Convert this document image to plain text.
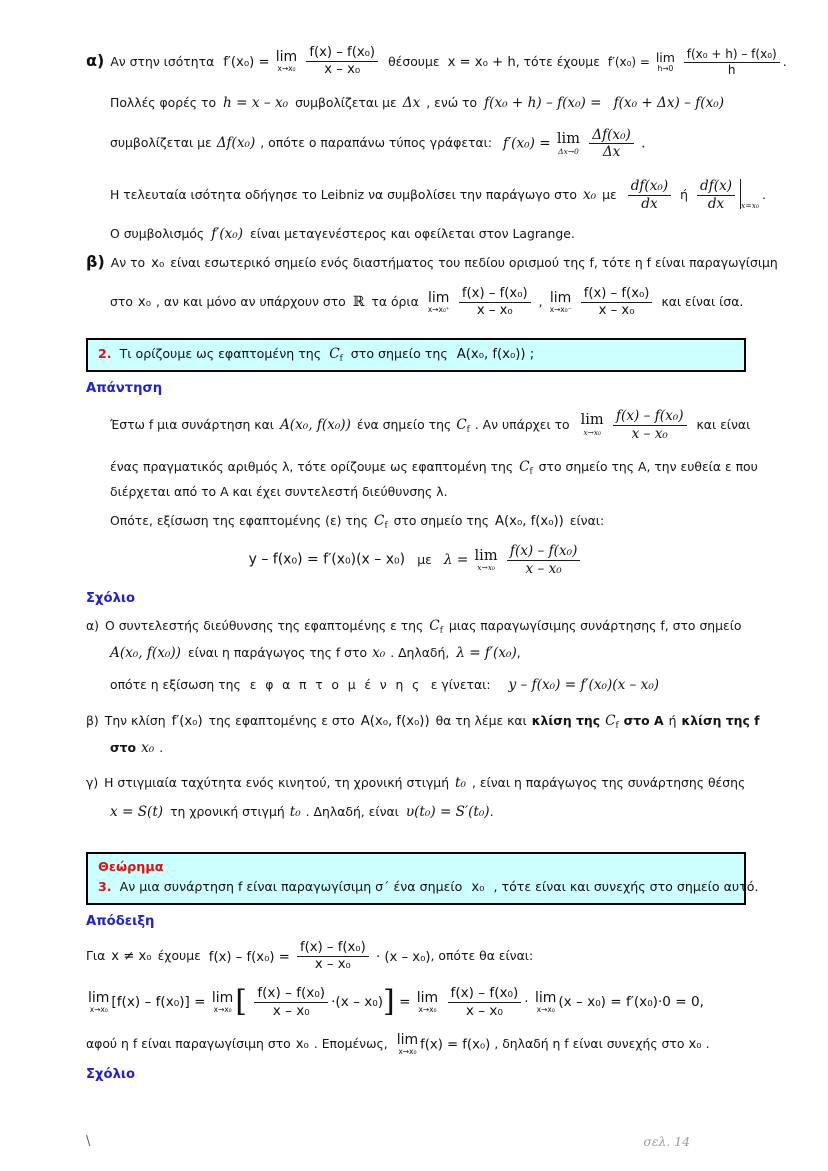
α) Αν στην ισότητα f′(x₀) = lim
x→x₀
$\frac{\text{f(x) – f(x₀)}}{\text{x – x₀}}$ θέσουμε x = x₀ + h , τότε έχουμε f′(x₀) = lim
h→0
$\frac{\text{f(x₀ + h) – f(x₀)}}{h}$ .
Πολλές φορές το h = x – x₀ συμβολίζεται με Δx , ενώ το f(x₀ + h) – f(x₀) = f(x₀ + Δx) – f(x₀)
συμβολίζεται με Δf(x₀) , οπότε ο παραπάνω τύπος γράφεται: f′(x₀) = lim
Δx→0
$\frac{\text{Δf(x₀)}}{\Delta x}$ .
Η τελευταία ισότητα οδήγησε το Leibniz να συμβολίσει την παράγωγο στο x₀ με $\frac{\text{df(x₀)}}{dx}$ ή $\frac{df(x)}{dx} _{x=x_0}$
.
Ο συμβολισμός f′(x₀) είναι μεταγενέστερος και οφείλεται στον Lagrange.
β) Αν το x₀ είναι εσωτερικό σημείο ενός διαστήματος του πεδίου ορισμού της f, τότε η f είναι παραγωγίσιμη
στο x₀ , αν και μόνο αν υπάρχουν στο ℝ τα όρια lim
x→x₀⁺
$\frac{\text{f(x) – f(x₀)}}{\text{x – x₀}}$ , lim
x→x₀⁻
$\frac{\text{f(x) – f(x₀)}}{\text{x – x₀}}$ και είναι ίσα.
2. Τι ορίζουμε ως εφαπτομένη της $C_f$ στο σημείο της Α(x₀, f(x₀)) ;
Απάντηση
Έστω f μια συνάρτηση και A(x₀, f(x₀)) ένα σημείο της $C_f$ . Αν υπάρχει το lim
x→x₀
$\frac{\text{f(x) – f(x₀)}}{\text{x – x₀}}$ και είναι
ένας πραγματικός αριθμός λ, τότε ορίζουμε ως εφαπτομένη της $C_f$ στο σημείο της Α, την ευθεία ε που
διέρχεται από το Α και έχει συντελεστή διεύθυνσης λ.
Οπότε, εξίσωση της εφαπτομένης (ε) της $C_f$ στο σημείο της Α(x₀, f(x₀)) είναι:
y – f(x₀) = f′(x₀)(x – x₀) με λ = lim
x→x₀
$\frac{\text{f(x) – f(x₀)}}{\text{x – x₀}}$
Σχόλιο
α) Ο συντελεστής διεύθυνσης της εφαπτομένης ε της $C_f$ μιας παραγωγίσιμης συνάρτησης f, στο σημείο
A(x₀, f(x₀)) είναι η παράγωγος της f στο x₀ . Δηλαδή, λ = f′(x₀) ,
οπότε η εξίσωση της ε φ α π τ ο μ έ ν η ς ε γίνεται: y – f(x₀) = f′(x₀)(x – x₀)
β) Την κλίση f′(x₀) της εφαπτομένης ε στο Α(x₀, f(x₀)) θα τη λέμε και κλίση της $C_f$ στο Α ή κλίση της f
στο x₀ .
γ) Η στιγμιαία ταχύτητα ενός κινητού, τη χρονική στιγμή t₀ , είναι η παράγωγος της συνάρτησης θέσης
x = S(t) τη χρονική στιγμή t₀ . Δηλαδή, είναι υ(t₀) = S′(t₀) .
Θεώρημα
3. Αν μια συνάρτηση f είναι παραγωγίσιμη σ΄ ένα σημείο x₀ , τότε είναι και συνεχής στο σημείο αυτό.
Απόδειξη
Για x ≠ x₀ έχουμε $f(x) - f(x_0) = \frac{\text{f(x) – f(x₀)}}{\text{x – x₀}} \cdot (x - x_0)$ , οπότε θα είναι:
lim
x→x₀ [f(x) – f(x₀)] = lim
x→x₀ [ $\frac{\text{f(x) – f(x₀)}}{\text{x – x₀}} \cdot(x - x_0)] = \lim$
x→x₀
$\frac{\text{f(x) – f(x₀)}}{\text{x – x₀}} \cdot \lim$
x→x₀ (x – x₀) = f′(x₀)·0 = 0,
αφού η f είναι παραγωγίσιμη στο x₀ . Επομένως, lim
x→x₀ f(x) = f(x₀) , δηλαδή η f είναι συνεχής στο x₀ .
Σχόλιο
\	σελ. 14
